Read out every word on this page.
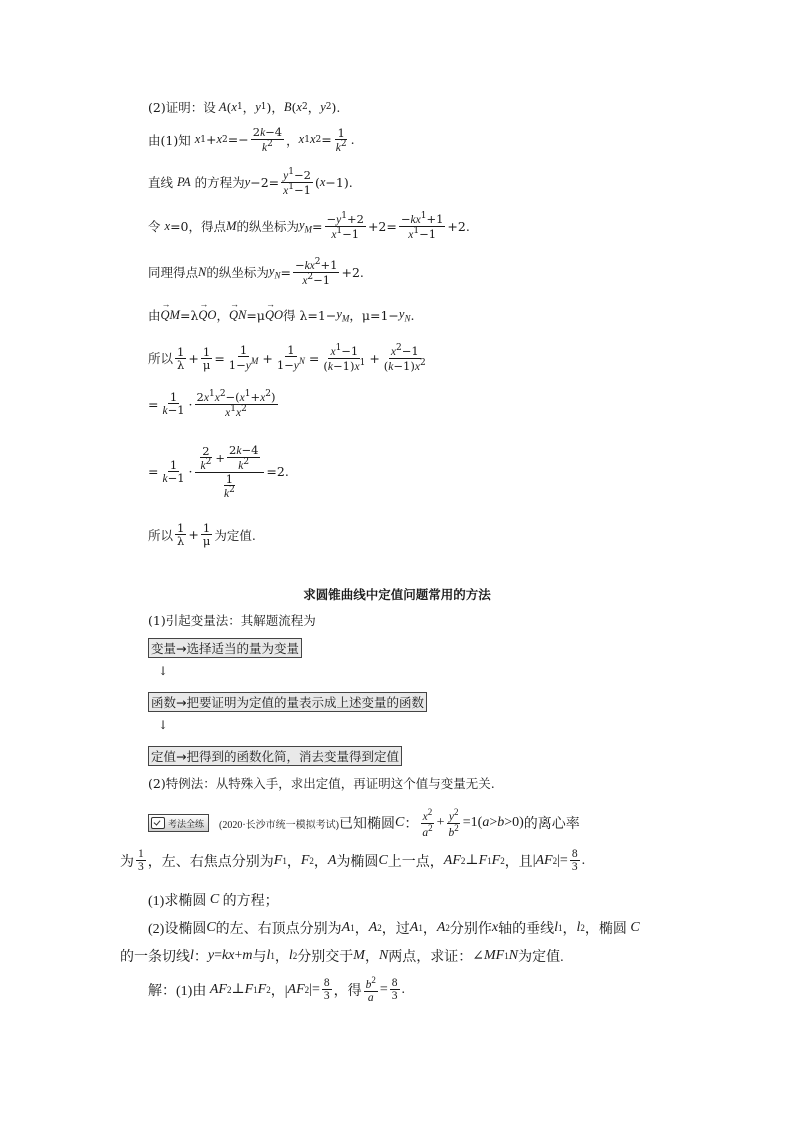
(2)证明：设 A ( x 1 ， y 1 )， B ( x 2 ， y 2 ).
由(1)知
x 1 + x $2 =- \frac{2k-4}{k^2}$ ， x 1 x $2 = \frac{1}{k^2}$ .
直线
PA
的方程为 $y -2= \frac{y^1-2}{x^1-1}$ ( x −1).
令
x =0 ，得点 M 的纵坐标为 $y_M = \frac{-y^1+2}{x^1-1} +2= \frac{-kx^1+1}{x^1-1} +2$.
同理得点 N 的纵坐标为 $y_N = \frac{-kx^2+1}{x^2-1} +2$.
由 → QM =λ → QO ， → QN =μ → QO 得 $\lambda=1- y_M$ ，$\mu=1- y_N$ .
所以 $\frac{1}{\lambda} + \frac{1}{\mu} = \frac{1}{1-y^M} + \frac{1}{1-y^N} = \frac{x^1-1}{(k-1)x^1} + \frac{x^2-1}{(k-1)x^2}$
= $\frac{1}{k-1} \cdot \frac{2x^1x^2-(x^1+x^2)}{x^1x^2}$
= $\frac{1}{k-1} \cdot \frac{\frac{2}{k^2} + \frac{2k-4}{k^2}}{\frac{1}{k^2}} =2$.
所以 $\frac{1}{\lambda} + \frac{1}{\mu}$ 为定值.
求圆锥曲线中定值问题常用的方法
(1)引起变量法：其解题流程为
变量→选择适当的量为变量
↓
函数→把要证明为定值的量表示成上述变量的函数
↓
定值→把得到的函数化简，消去变量得到定值
(2)特例法：从特殊入手，求出定值，再证明这个值与变量无关.
考法全练 (2020·长沙市统一模拟考试) 已知椭圆 C ： $\frac{x^2}{a^2} + \frac{y^2}{b^2} =1$( a > b >0) 的离心率
为 $\frac{1}{3}$ ，左、右焦点分别为 F 1 ， F 2 ， A 为椭圆 C 上一点， AF 2 ⊥ F 1 F 2 ，且 | AF 2 |= $\frac{8}{3}$ .
(1)求椭圆 C 的方程；
(2)设椭圆 C 的左、右顶点分别为 A 1 ， A 2 ，过 A 1 ， A 2 分别作 x 轴的垂线 l 1 ， l 2 ，椭圆 C
的一条切线 l ： y = kx + m 与 l 1 ， l 2 分别交于 M ， N 两点，求证： ∠ MF 1 N 为定值.
解：(1)由
AF 2 ⊥ F 1 F 2 ，| AF 2 |= $\frac{8}{3}$ ，得 $\frac{b^2}{a} = \frac{8}{3}$ .
